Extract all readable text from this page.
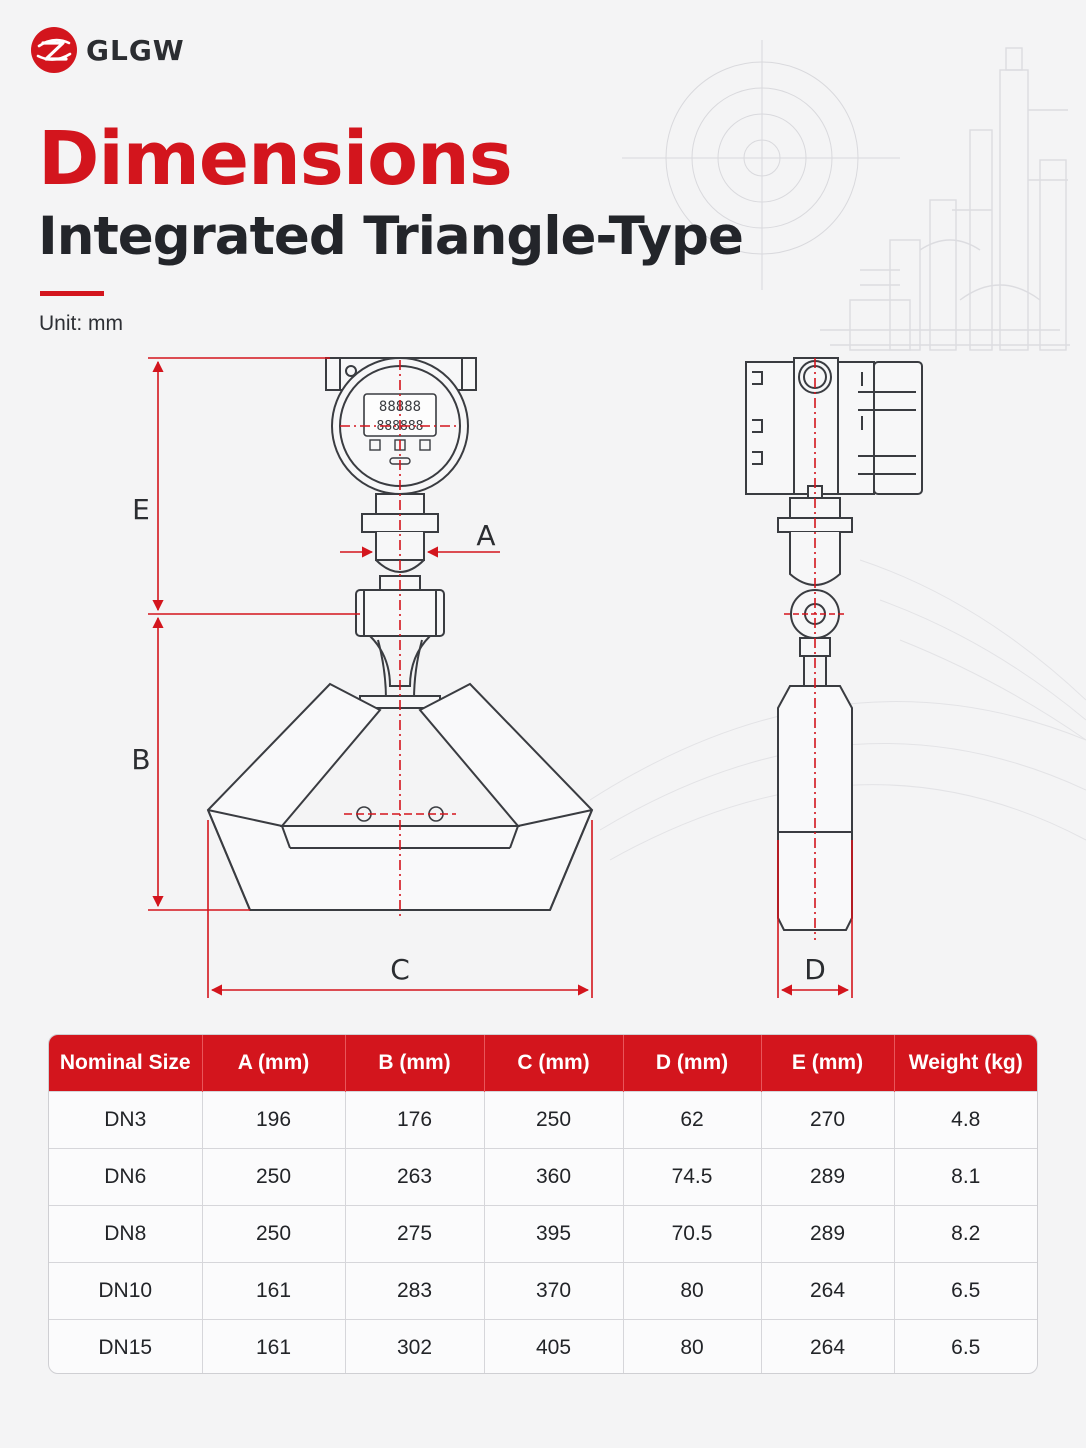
GLGW
Dimensions
Integrated Triangle-Type
Unit: mm
88888
888888
E
B
A
C	D
Nominal Size	A (mm)	B (mm)	C (mm)	D (mm)	E (mm)	Weight (kg)
DN3	196	176	250	62	270	4.8
DN6	250	263	360	74.5	289	8.1
DN8	250	275	395	70.5	289	8.2
DN10	161	283	370	80	264	6.5
DN15	161	302	405	80	264	6.5
